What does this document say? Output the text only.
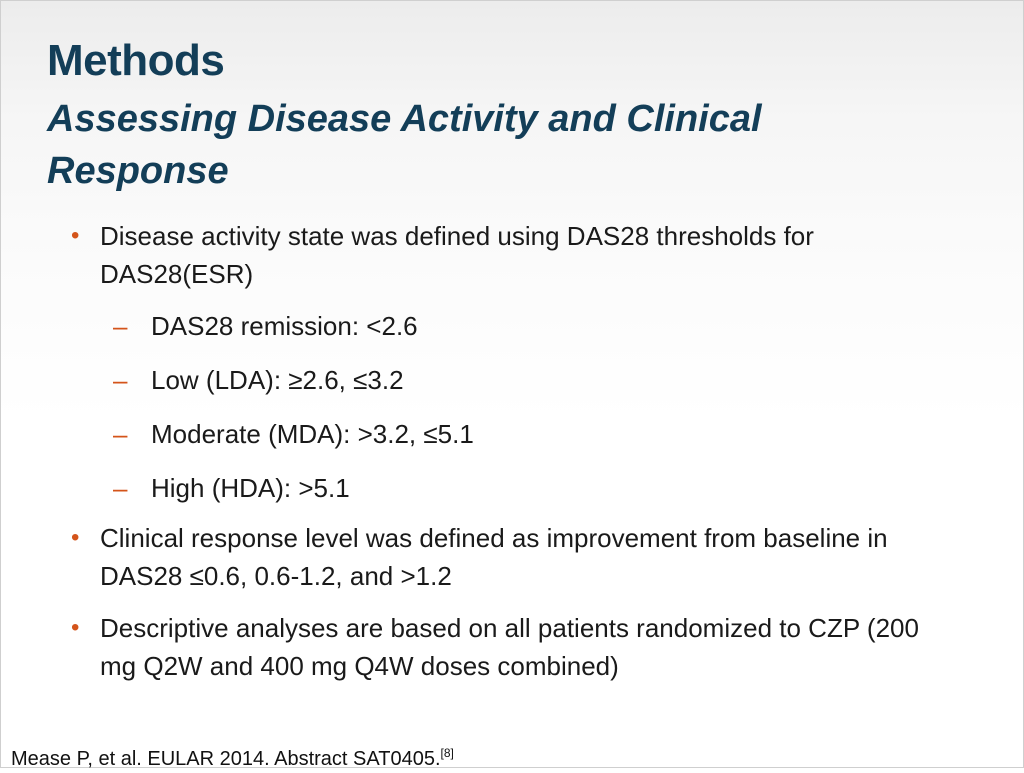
Methods
Assessing Disease Activity and Clinical Response
• Disease activity state was defined using DAS28 thresholds for DAS28(ESR)
– DAS28 remission: <2.6
– Low (LDA): ≥2.6, ≤3.2
– Moderate (MDA): >3.2, ≤5.1
– High (HDA): >5.1
• Clinical response level was defined as improvement from baseline in DAS28 ≤0.6, 0.6-1.2, and >1.2
• Descriptive analyses are based on all patients randomized to CZP (200 mg Q2W and 400 mg Q4W doses combined)
Mease P, et al. EULAR 2014. Abstract SAT0405.[8]
